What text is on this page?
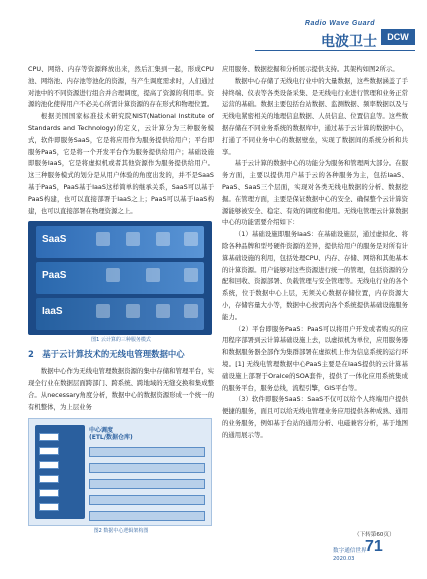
Radio Wave Guard
电波卫士	DCW

CPU、网络、内存等资源释放出来，然后汇集到一起，形成CPU池、网络池、内存池等池化的资源，当产生调度需求时，人们通过对池中的不同资源进行组合并合理调度，提高了资源的利用率。资源的池化使得用户不必关心所需计算资源的存在形式和物理位置。

根据美国国家标准技术研究院NIST(National Institute of Standards and Technology)的定义，云计算分为三种服务模式，软件即服务SaaS，它是将应用作为服务提供给用户；平台即服务PaaS，它是将一个开发平台作为服务提供给用户；基础设施即服务IaaS，它是将虚拟机或者其他资源作为服务提供给用户。这三种服务模式的划分是从用户体验的角度出发的，并不是SaaS基于PaaS，PaaS基于IaaS这样简单的继承关系，SaaS可以基于PaaS构建，也可以直接部署于IaaS之上；PaaS可以基于IaaS构建，也可以直接部署在物理资源之上。

SaaS
PaaS
IaaS
图1 云计算的三种服务模式
2　基于云计算技术的无线电管理数据中心

数据中心作为无线电管理数据资源的集中存储和管理平台，实现全行业在数据层面跨部门、跨系统、跨地域的无缝交换和集成整合。从necessary角度分析，数据中心的数据资源形成一个统一的有机整体，为上层业务

中心调度
(ETL/数据仓库)
图2 数据中心逻辑架构图

应用服务、数据挖掘和分析展示提供支持。其架构如图2所示。

数据中心存储了无线电行业中的大量数据，这些数据涵盖了手持终端、仪表等各类设备采集、是无线电行业进行管理和业务正常运营的基础。数据主要包括台站数据、监测数据、频率数据以及与无线电紧密相关的地理信息数据、人员信息、位置信息等。这些数据存储在不同业务系统的数据库中，通过基于云计算的数据中心，打通了不同业务中心的数据壁垒，实现了数据间的系统分析和共享。

基于云计算的数据中心的功能分为服务和管理两大部分。在服务方面，主要以提供用户基于云的各种服务为主，包括IaaS、PaaS、SaaS三个层面，实现对各类无线电数据的分析、数据挖掘。在管理方面，主要是保证数据中心的安全、确保整个云计算资源能够被安全、稳定、有效的调度和使用。无线电管理云计算数据中心的功能需要介绍如下：

（1）基础设施即服务IaaS：在基础设施层，通过虚拟化、将除各种品牌和型号硬件资源的差异，提供给用户的服务是对所有计算基础设施的利用，包括处理CPU、内存、存储、网络和其他基本的计算资源。用户能够对这些资源进行统一的管理，包括资源的分配和回收、资源部署、负载管理与安全管理等。无线电行业的各个系统，位于数据中心上层，无须关心数据存储位置，内存资源大小，存储容量大小等，数据中心按需向各个系统提供基础设施服务能力。

（2）平台即服务PaaS：PaaS可以将用户开发或者购买的应用程序部署到云计算基础设施上去，以虚拟机为单位，应用服务器和数据服务器全部作为集群部署在虚拟机上作为信息系统的运行环境。[1] 无线电管理数据中心PaaS主要是在IaaS提供的云计算基础设施上部署于Oralce的SOA套件，提供了一体化应用系统集成的服务平台，服务总线，流程引擎，GIS平台等。

（3）软件即服务SaaS：SaaS不仅可以给个人终端用户提供便捷的服务，面且可以给无线电管理业务应用提供各种成熟、通用的业务服务，例如基于台站的通用分析、电磁兼容分析，基于地图的通用展示等。

（下转第60页）
71
数字通信世界
2020.03
